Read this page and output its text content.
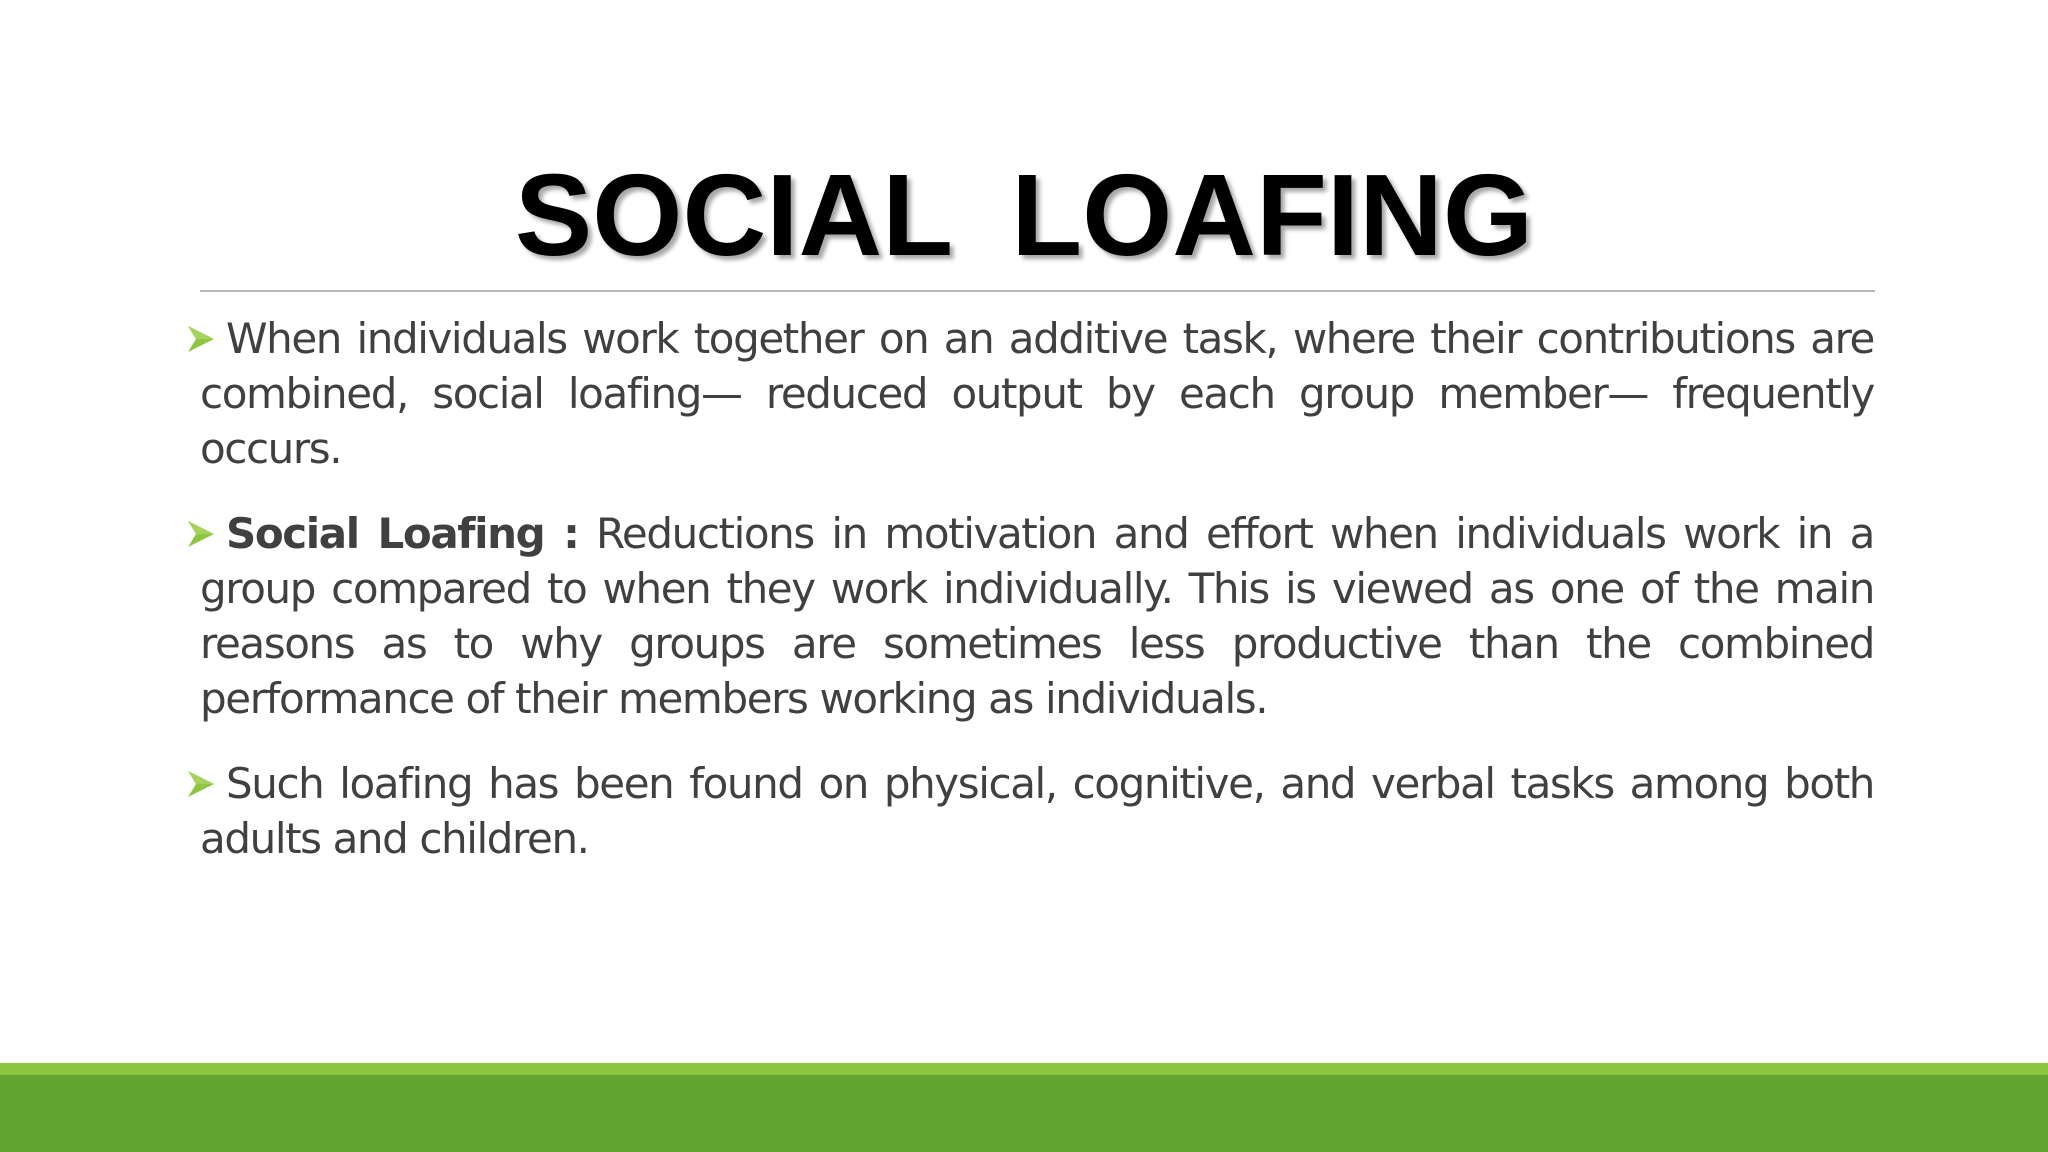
SOCIAL LOAFING

When individuals work together on an additive task, where their contributions are combined, social loafing— reduced output by each group member— frequently occurs.

Social Loafing : Reductions in motivation and effort when individuals work in a group compared to when they work individually. This is viewed as one of the main reasons as to why groups are sometimes less productive than the combined performance of their members working as individuals.

Such loafing has been found on physical, cognitive, and verbal tasks among both adults and children.
